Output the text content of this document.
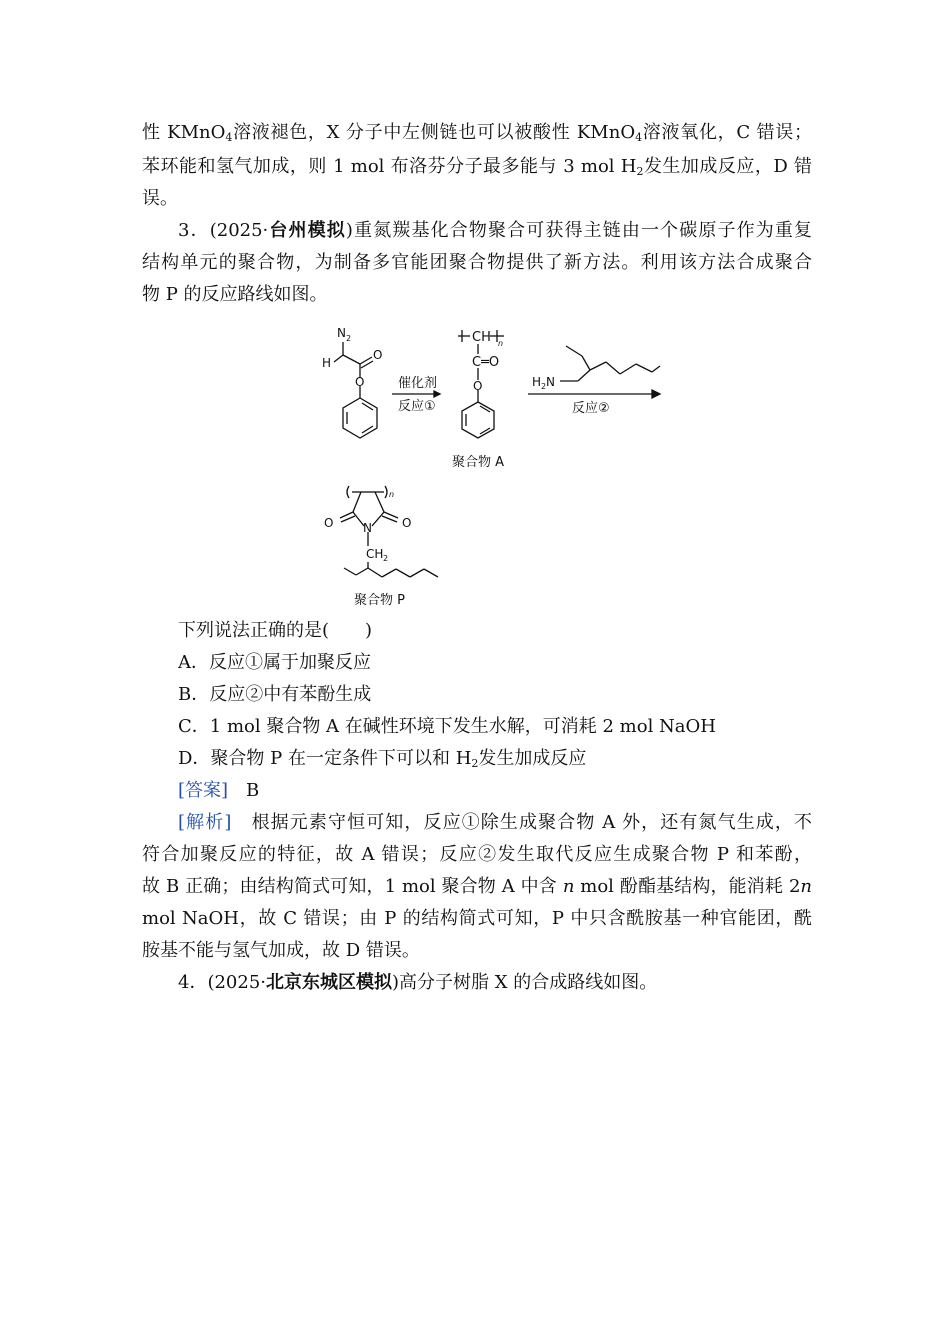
性 KMnO$_4$溶液褪色，X 分子中左侧链也可以被酸性 KMnO$_4$溶液氧化，C 错误；
苯环能和氢气加成，则 1 mol 布洛芬分子最多能与 3 mol $H_2$发生加成反应，D 错
误。
3．(2025·台州模拟)重氮羰基化合物聚合可获得主链由一个碳原子作为重复
结构单元的聚合物，为制备多官能团聚合物提供了新方法。利用该方法合成聚合
物 P 的反应路线如图。
N 2
H
O
O	催化剂
反应①
CH n
C═O
O
聚合物 A
H 2 N
反应②
n
O	O
N
CH 2
聚合物 P
下列说法正确的是(　　)
A．反应①属于加聚反应
B．反应②中有苯酚生成
C．1 mol 聚合物 A 在碱性环境下发生水解，可消耗 2 mol NaOH
D．聚合物 P 在一定条件下可以和 $H_2$发生加成反应
[答案]　 B
[解析]　 根据元素守恒可知，反应①除生成聚合物 A 外，还有氮气生成，不
符合加聚反应的特征，故 A 错误；反应②发生取代反应生成聚合物 P 和苯酚，
故 B 正确；由结构简式可知，1 mol 聚合物 A 中含 n mol 酚酯基结构，能消耗 2n
mol NaOH，故 C 错误；由 P 的结构简式可知，P 中只含酰胺基一种官能团，酰
胺基不能与氢气加成，故 D 错误。
4．(2025·北京东城区模拟)高分子树脂 X 的合成路线如图。
